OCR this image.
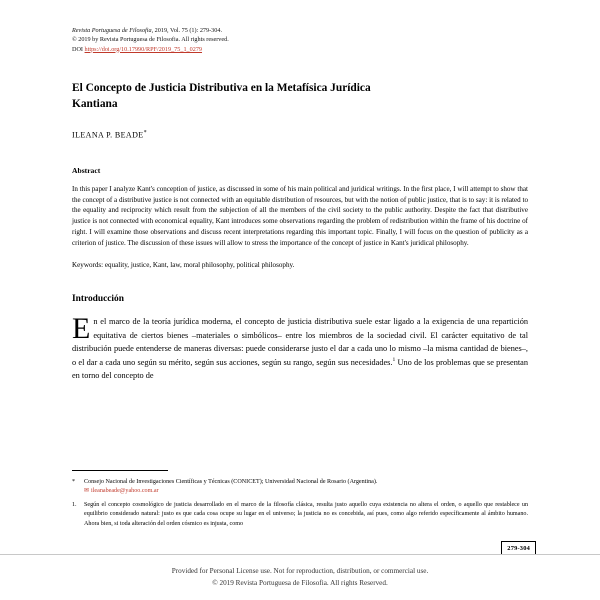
Revista Portuguesa de Filosofia, 2019, Vol. 75 (1): 279-304.
© 2019 by Revista Portuguesa de Filosofia. All rights reserved.
DOI https://doi.org/10.17990/RPF/2019_75_1_0279
El Concepto de Justicia Distributiva en la Metafísica Jurídica Kantiana
ILEANA P. BEADE*
Abstract

In this paper I analyze Kant's conception of justice, as discussed in some of his main political and juridical writings. In the first place, I will attempt to show that the concept of a distributive justice is not connected with an equitable distribution of resources, but with the notion of public justice, that is to say: it is related to the equality and reciprocity which result from the subjection of all the members of the civil society to the public authority. Despite the fact that distributive justice is not connected with economical equality, Kant introduces some observations regarding the problem of redistribution within the frame of his doctrine of right. I will examine those observations and discuss recent interpretations regarding this important topic. Finally, I will focus on the question of publicity as a criterion of justice. The discussion of these issues will allow to stress the importance of the concept of justice in Kant's juridical philosophy.

Keywords: equality, justice, Kant, law, moral philosophy, political philosophy.

Introducción

En el marco de la teoría jurídica moderna, el concepto de justicia distributiva suele estar ligado a la exigencia de una repartición equitativa de ciertos bienes –materiales o simbólicos– entre los miembros de la sociedad civil. El carácter equitativo de tal distribución puede entenderse de maneras diversas: puede considerarse justo el dar a cada uno lo mismo –la misma cantidad de bienes–, o el dar a cada uno según su mérito, según sus acciones, según su rango, según sus necesidades.$^1$ Uno de los problemas que se presentan en torno del concepto de

*	Consejo Nacional de Investigaciones Científicas y Técnicas (CONICET); Universidad Nacional de Rosario (Argentina).
✉ ileanabeade@yahoo.com.ar
1.	Según el concepto cosmológico de justicia desarrollado en el marco de la filosofía clásica, resulta justo aquello cuya existencia no altera el orden, o aquello que restablece un equilibrio considerado natural: justo es que cada cosa ocupe su lugar en el universo; la justicia no es concebida, así pues, como algo referido específicamente al ámbito humano. Ahora bien, si toda alteración del orden cósmico es injusta, como
279-304
Provided for Personal License use. Not for reproduction, distribution, or commercial use.
© 2019 Revista Portuguesa de Filosofia. All rights Reserved.
